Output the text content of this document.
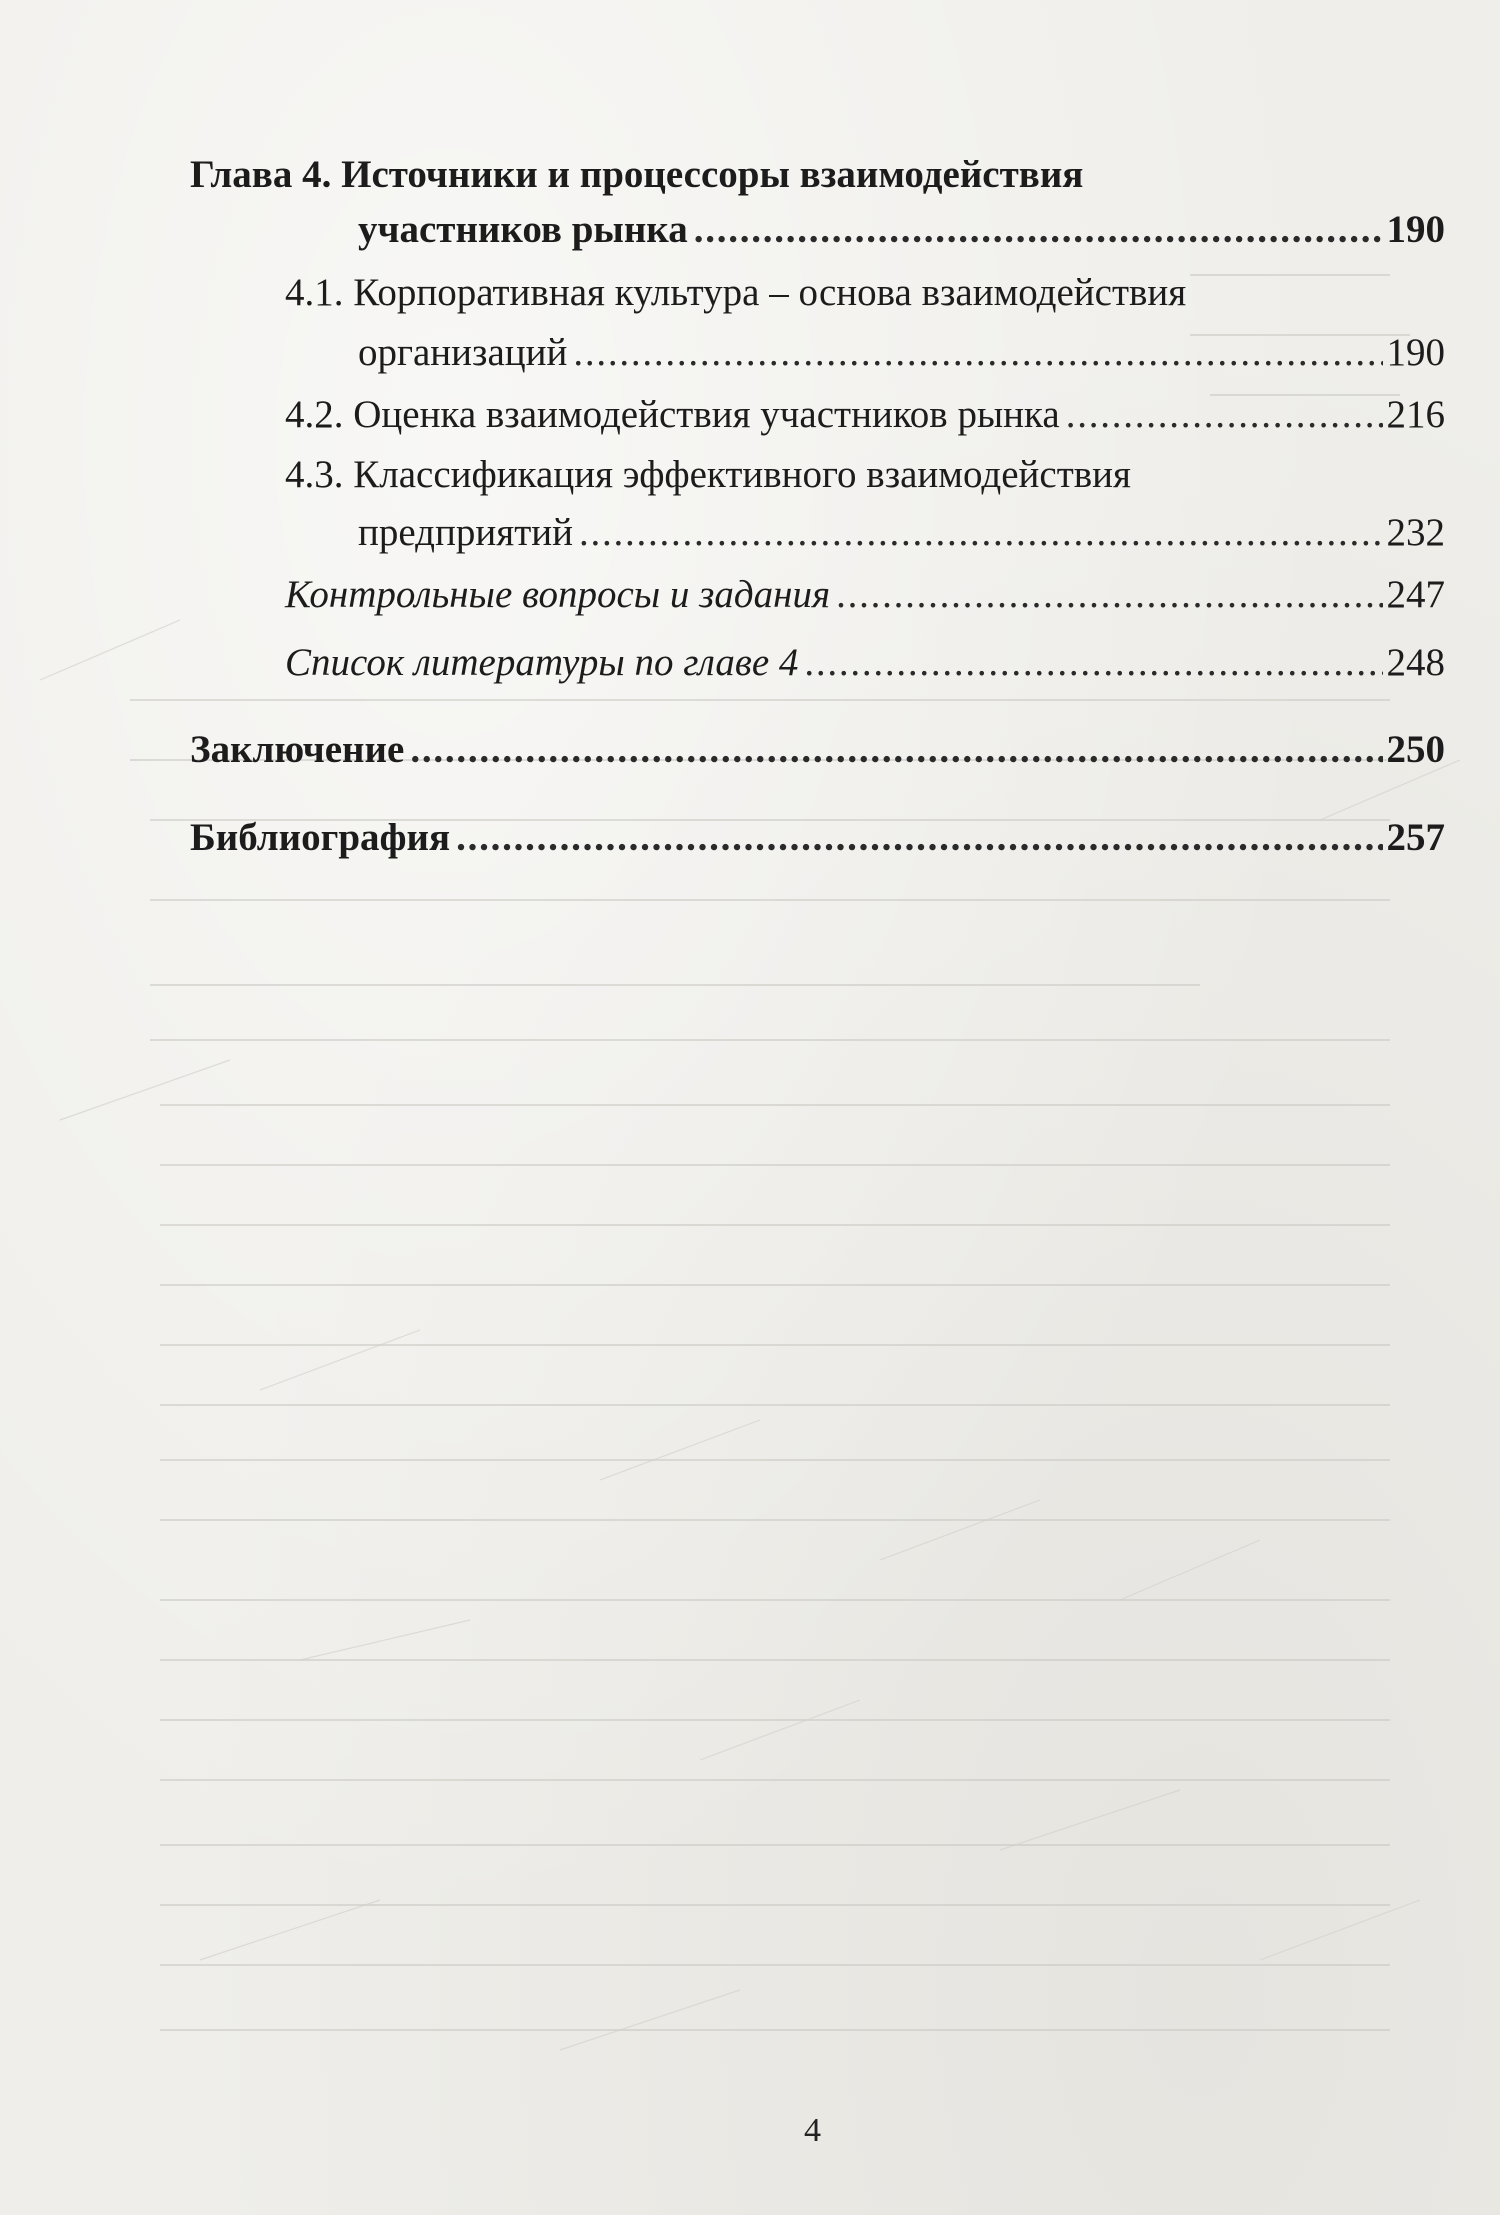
Глава 4. Источники и процессоры взаимодействия
участников рынка . . .	190
4.1. Корпоративная культура – основа взаимодействия
организаций . . .	190
4.2. Оценка взаимодействия участников рынка . . .	216
4.3. Классификация эффективного взаимодействия
предприятий . . .	232
Контрольные вопросы и задания . . .	247
Список литературы по главе 4 . . .	248
Заключение . . .	250
Библиография . . .	257
4
